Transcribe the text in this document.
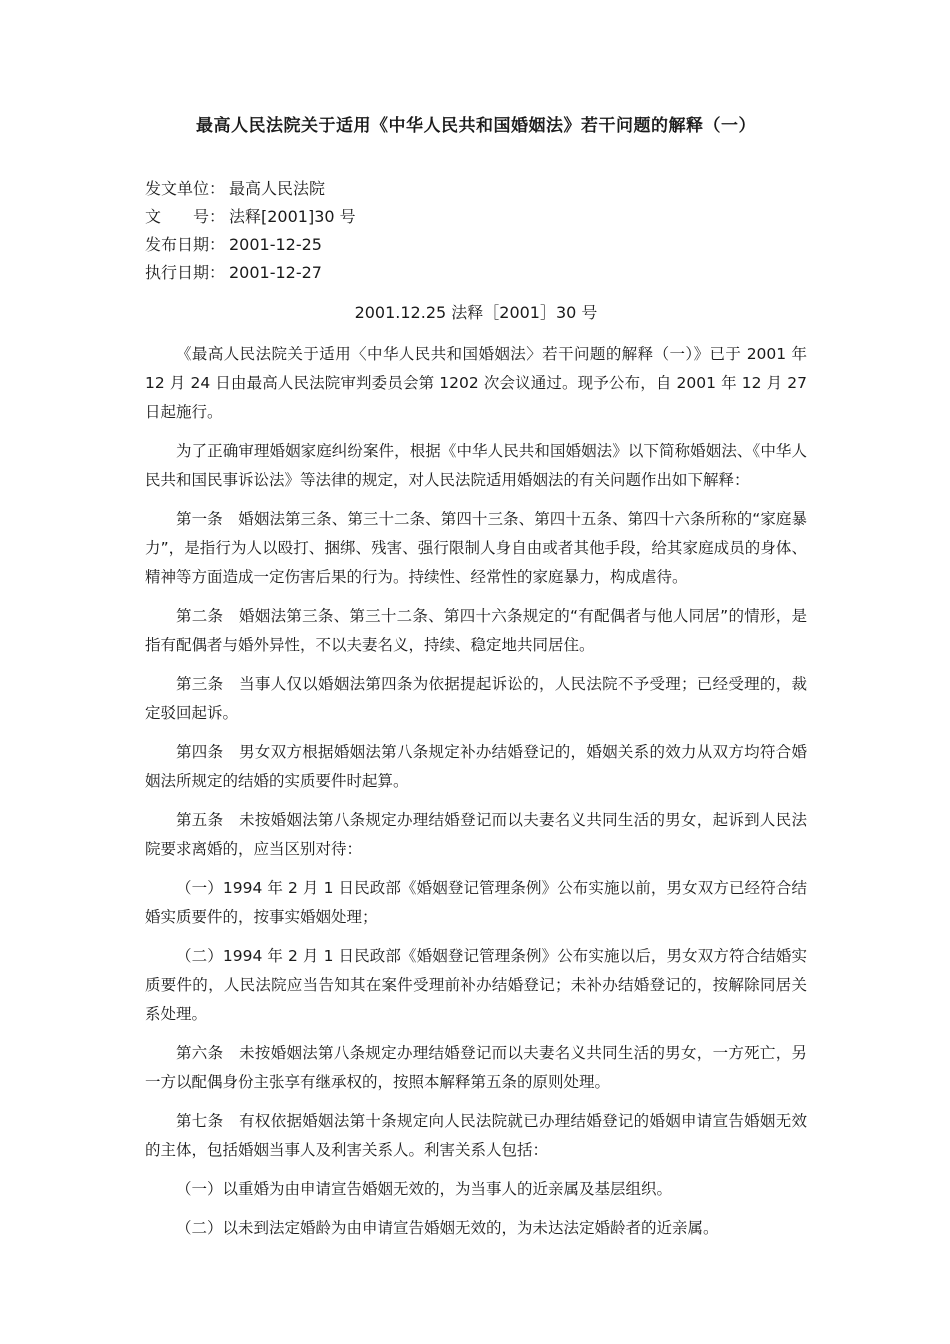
最高人民法院关于适用《中华人民共和国婚姻法》若干问题的解释（一）
发文单位： 最高人民法院
文　　号： 法释[2001]30 号
发布日期： 2001-12-25
执行日期： 2001-12-27
2001.12.25 法释［2001］30 号

《最高人民法院关于适用〈中华人民共和国婚姻法〉若干问题的解释（一）》已于 2001 年 12 月 24 日由最高人民法院审判委员会第 1202 次会议通过。现予公布，自 2001 年 12 月 27 日起施行。

为了正确审理婚姻家庭纠纷案件，根据《中华人民共和国婚姻法》以下简称婚姻法、《中华人民共和国民事诉讼法》等法律的规定，对人民法院适用婚姻法的有关问题作出如下解释：

第一条　婚姻法第三条、第三十二条、第四十三条、第四十五条、第四十六条所称的“家庭暴力”，是指行为人以殴打、捆绑、残害、强行限制人身自由或者其他手段，给其家庭成员的身体、精神等方面造成一定伤害后果的行为。持续性、经常性的家庭暴力，构成虐待。

第二条　婚姻法第三条、第三十二条、第四十六条规定的“有配偶者与他人同居”的情形，是指有配偶者与婚外异性，不以夫妻名义，持续、稳定地共同居住。

第三条　当事人仅以婚姻法第四条为依据提起诉讼的，人民法院不予受理；已经受理的，裁定驳回起诉。

第四条　男女双方根据婚姻法第八条规定补办结婚登记的，婚姻关系的效力从双方均符合婚姻法所规定的结婚的实质要件时起算。

第五条　未按婚姻法第八条规定办理结婚登记而以夫妻名义共同生活的男女，起诉到人民法院要求离婚的，应当区别对待：

（一）1994 年 2 月 1 日民政部《婚姻登记管理条例》公布实施以前，男女双方已经符合结婚实质要件的，按事实婚姻处理；

（二）1994 年 2 月 1 日民政部《婚姻登记管理条例》公布实施以后，男女双方符合结婚实质要件的，人民法院应当告知其在案件受理前补办结婚登记；未补办结婚登记的，按解除同居关系处理。

第六条　未按婚姻法第八条规定办理结婚登记而以夫妻名义共同生活的男女，一方死亡，另一方以配偶身份主张享有继承权的，按照本解释第五条的原则处理。

第七条　有权依据婚姻法第十条规定向人民法院就已办理结婚登记的婚姻申请宣告婚姻无效的主体，包括婚姻当事人及利害关系人。利害关系人包括：

（一）以重婚为由申请宣告婚姻无效的，为当事人的近亲属及基层组织。

（二）以未到法定婚龄为由申请宣告婚姻无效的，为未达法定婚龄者的近亲属。
